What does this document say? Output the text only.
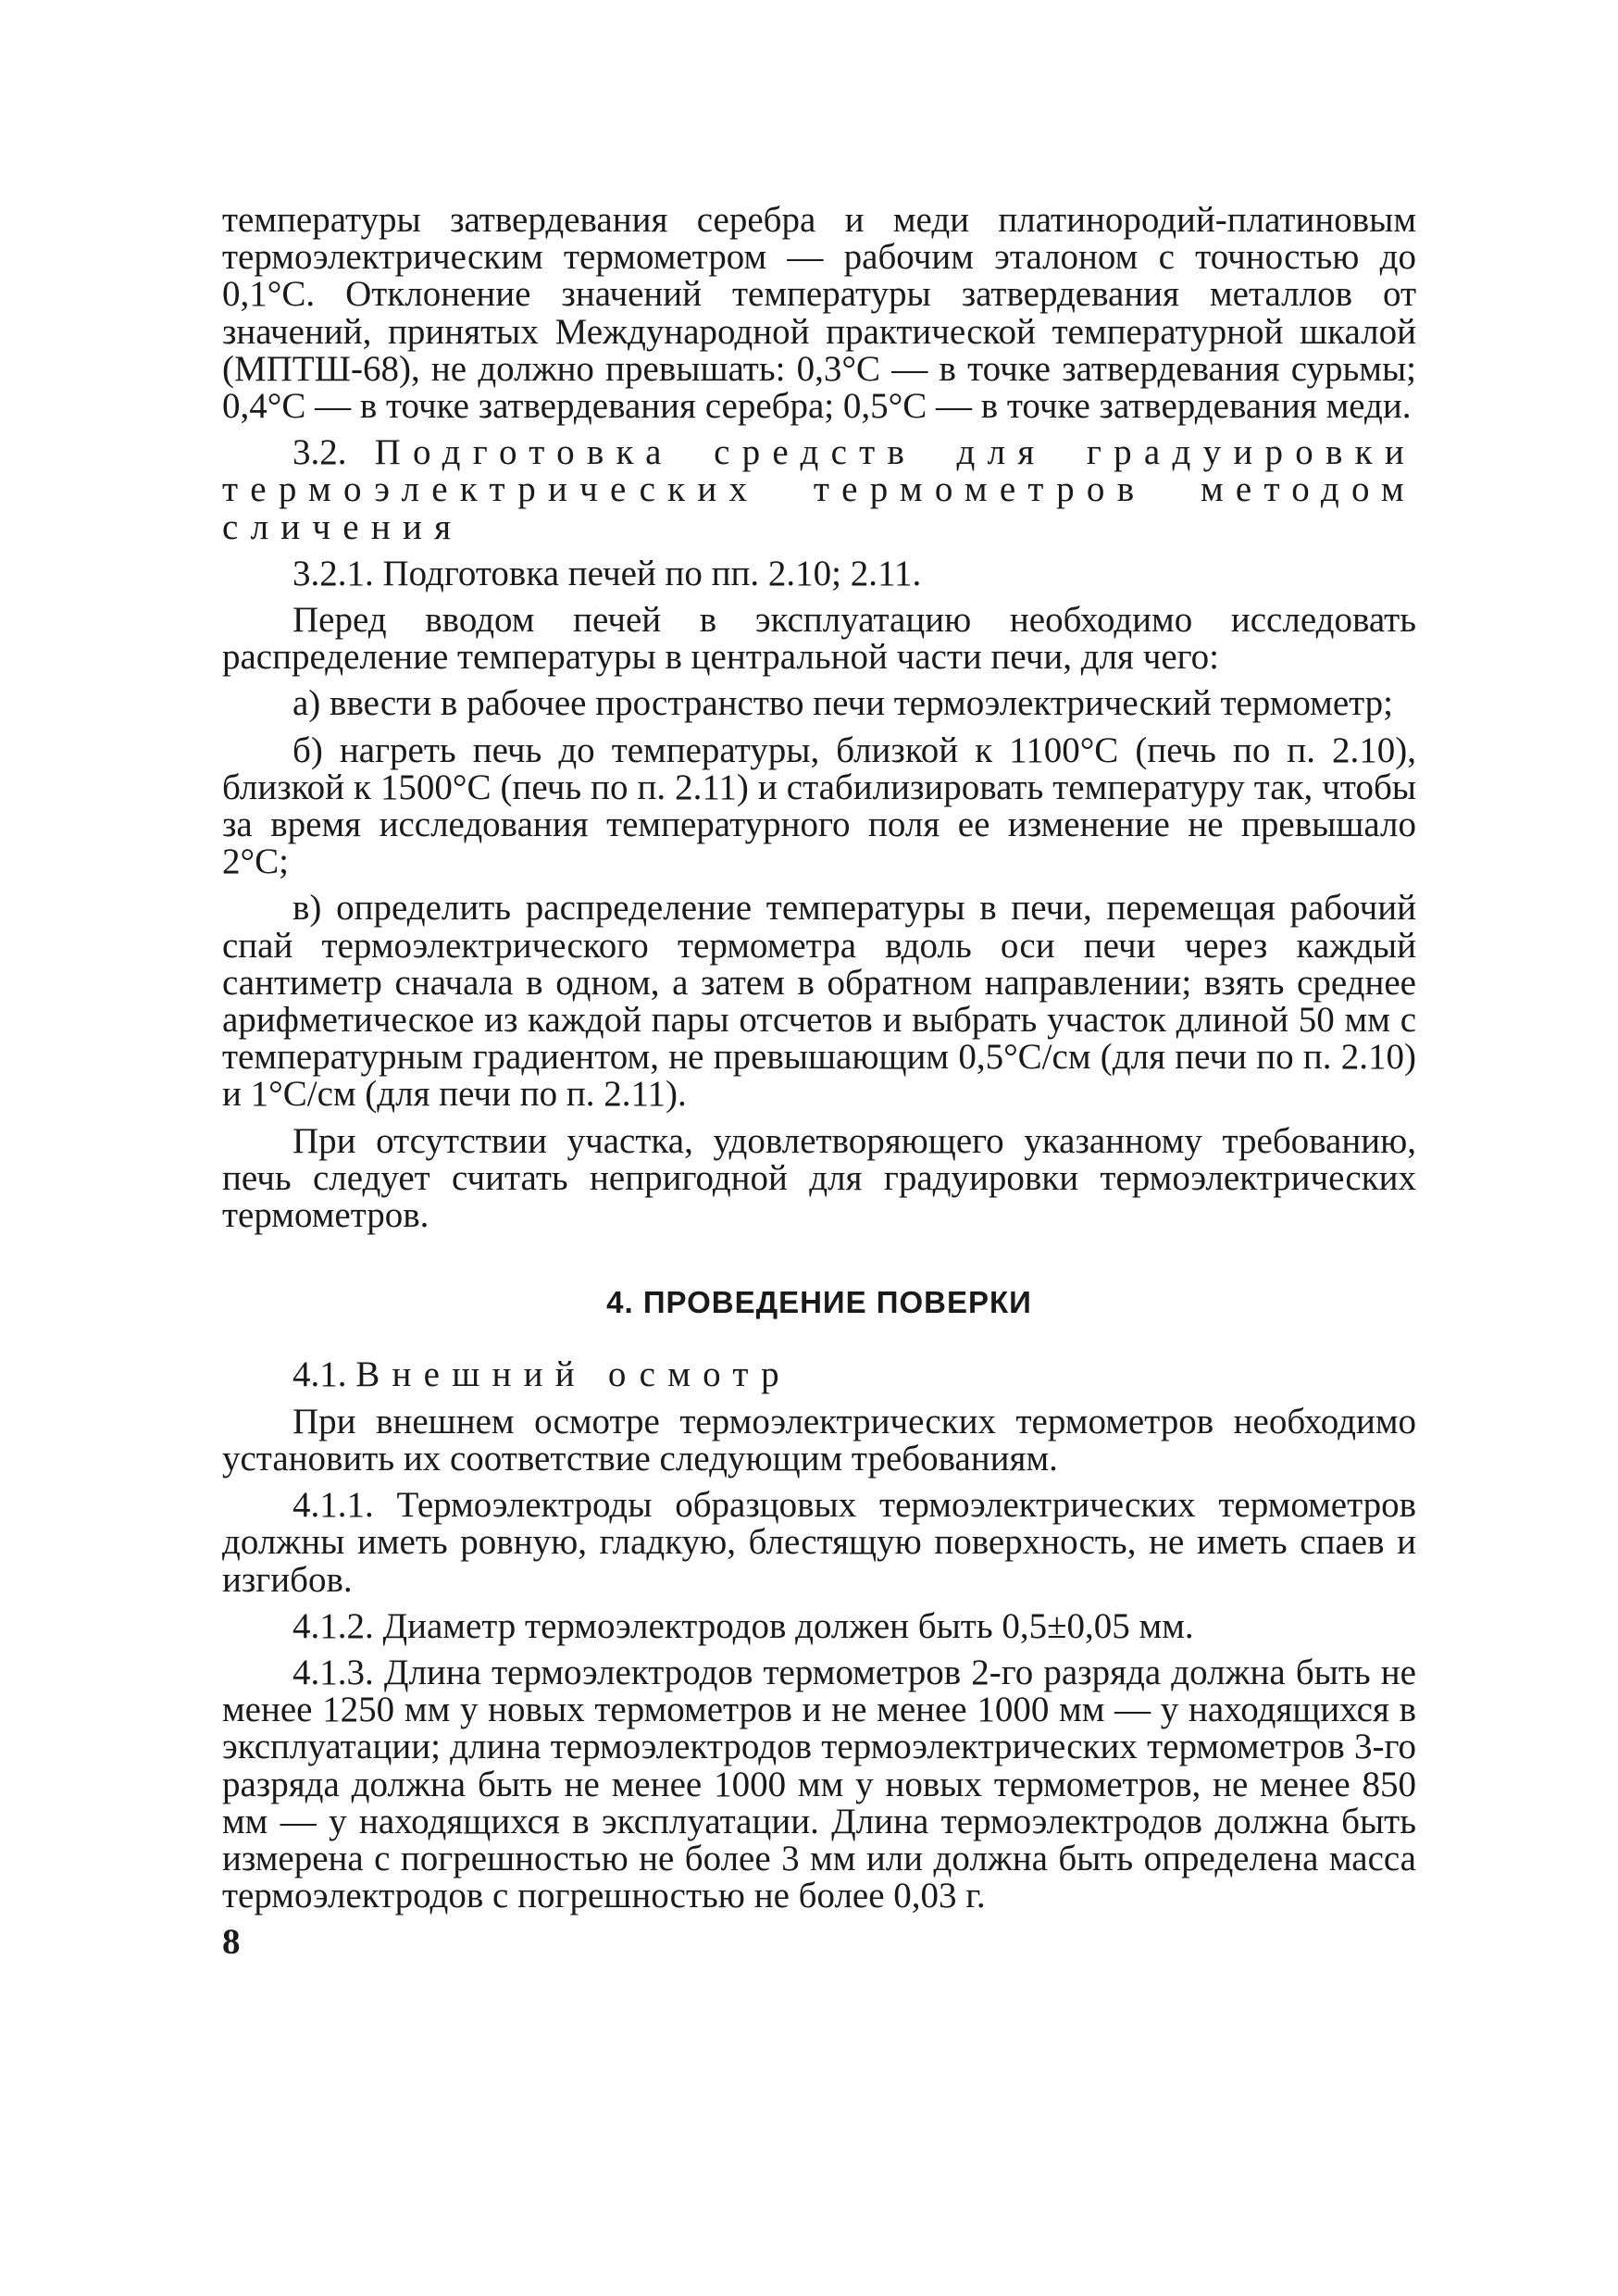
температуры затвердевания серебра и меди платинородий-платиновым термоэлектрическим термометром — рабочим эталоном с точностью до 0,1°С. Отклонение значений температуры затвердевания металлов от значений, принятых Международной практической температурной шкалой (МПТШ-68), не должно превышать: 0,3°С — в точке затвердевания сурьмы; 0,4°С — в точке затвердевания серебра; 0,5°С — в точке затвердевания меди.

3.2. Подготовка средств для градуировки термоэлектрических термометров методом сличения

3.2.1. Подготовка печей по пп. 2.10; 2.11.

Перед вводом печей в эксплуатацию необходимо исследовать распределение температуры в центральной части печи, для чего:

а) ввести в рабочее пространство печи термоэлектрический термометр;

б) нагреть печь до температуры, близкой к 1100°С (печь по п. 2.10), близкой к 1500°С (печь по п. 2.11) и стабилизировать температуру так, чтобы за время исследования температурного поля ее изменение не превышало 2°С;

в) определить распределение температуры в печи, перемещая рабочий спай термоэлектрического термометра вдоль оси печи через каждый сантиметр сначала в одном, а затем в обратном направлении; взять среднее арифметическое из каждой пары отсчетов и выбрать участок длиной 50 мм с температурным градиентом, не превышающим 0,5°С/см (для печи по п. 2.10) и 1°С/см (для печи по п. 2.11).

При отсутствии участка, удовлетворяющего указанному требованию, печь следует считать непригодной для градуировки термоэлектрических термометров.

4. ПРОВЕДЕНИЕ ПОВЕРКИ

4.1. Внешний осмотр

При внешнем осмотре термоэлектрических термометров необходимо установить их соответствие следующим требованиям.

4.1.1. Термоэлектроды образцовых термоэлектрических термометров должны иметь ровную, гладкую, блестящую поверхность, не иметь спаев и изгибов.

4.1.2. Диаметр термоэлектродов должен быть 0,5±0,05 мм.

4.1.3. Длина термоэлектродов термометров 2-го разряда должна быть не менее 1250 мм у новых термометров и не менее 1000 мм — у находящихся в эксплуатации; длина термоэлектродов термоэлектрических термометров 3-го разряда должна быть не менее 1000 мм у новых термометров, не менее 850 мм — у находящихся в эксплуатации. Длина термоэлектродов должна быть измерена с погрешностью не более 3 мм или должна быть определена масса термоэлектродов с погрешностью не более 0,03 г.

8
